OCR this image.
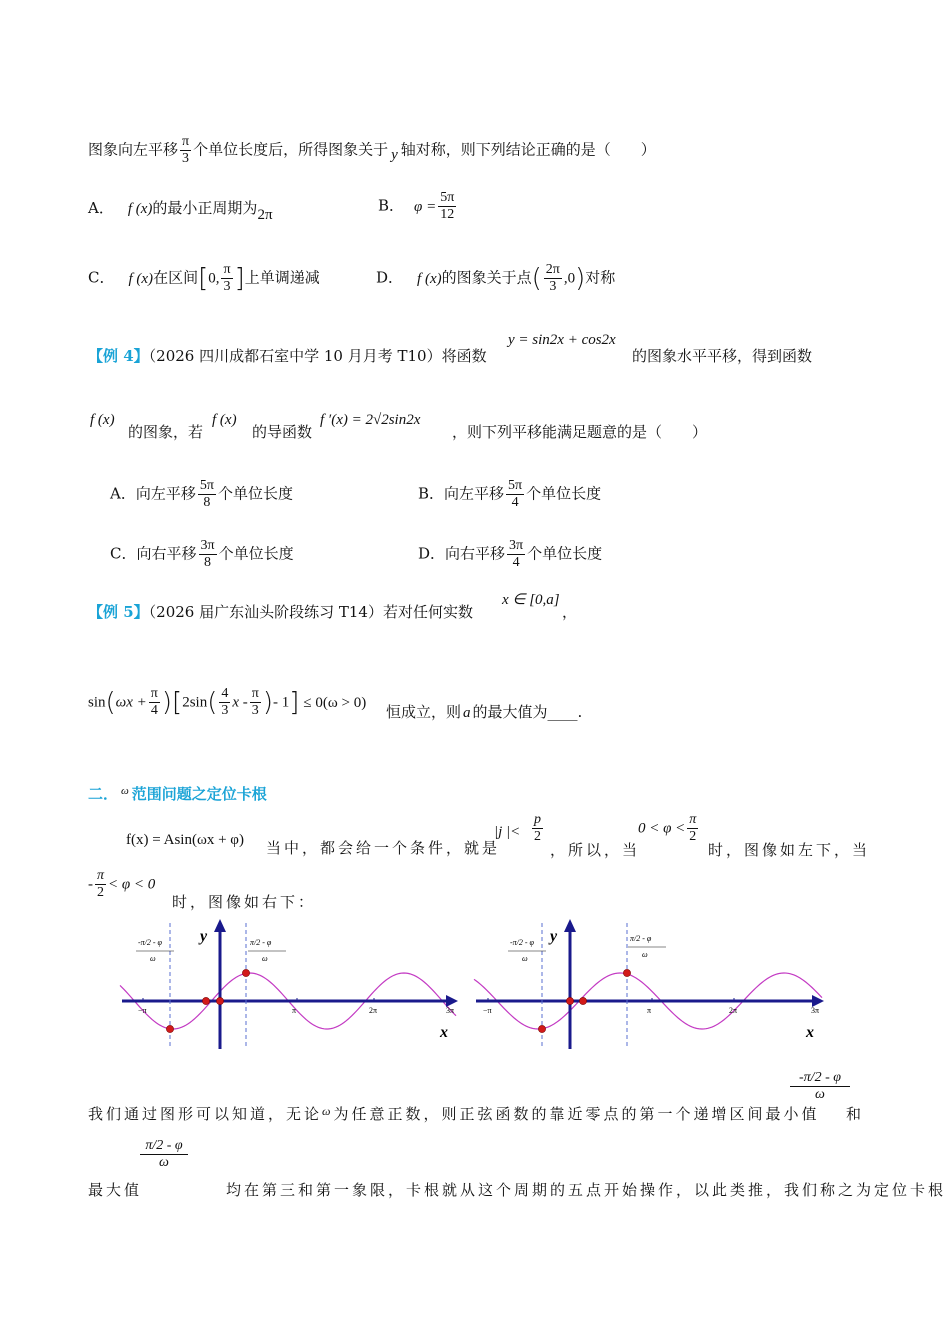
图象向左平移 $\frac{\pi}{3}$ 个单位长度后，所得图象关于 y 轴对称，则下列结论正确的是（　　）
A． f (x)的最小正周期为2π
B． $\varphi = \frac{5\pi}{12}$
C． f (x)在区间[0, $\frac{\pi}{3}$ ]上单调递减	D． f (x)的图象关于点( $\frac{2\pi}{3} ,0$)对称
【例 4】（2026 四川成都石室中学 10 月月考 T10）将函数
y = sin2x + cos2x
的图象水平平移，得到函数
f (x)
的图象，若
f (x)
的导函数
f ′(x) = 2√2sin2x
，则下列平移能满足题意的是（　　）
A．向左平移 $\frac{5\pi}{8}$ 个单位长度	B．向左平移 $\frac{5\pi}{4}$ 个单位长度
C．向右平移 $\frac{3\pi}{8}$ 个单位长度	D．向右平移 $\frac{3\pi}{4}$ 个单位长度
【例 5】（2026 届广东汕头阶段练习 T14）若对任何实数
x ∈ [0,a]
，
$\sin(\omega x + \frac{\pi}{4} )[2\sin( \frac{4}{3}$ x - $\frac{\pi}{3}$ )- 1] ≤ 0(ω > 0)
恒成立，则 a 的最大值为____.
二． $^\omega$ 范围问题之定位卡根
f(x) = Asin(ωx + φ) 当中，都会给一个条件，就是
|j |< $\frac{p}{2}$
，所以，当
$0 < \varphi < \frac{\pi}{2}$
时，图像如左下，当
- $\frac{\pi}{2} < \varphi < 0$
时，图像如右下：
y
x
−π	π	2π	3π
-π/2 - φ
ω
π/2 - φ
ω
y
x
−π	π	2π	3π
-π/2 - φ
ω
π/2 - φ
ω
我们通过图形可以知道，无论$^\omega$为任意正数，则正弦函数的靠近零点的第一个递增区间最小值
$\frac{-\pi/2 - \varphi}{\omega}$
和
$\frac{\pi/2 - \varphi}{\omega}$
最大值	均在第三和第一象限，卡根就从这个周期的五点开始操作，以此类推，我们称之为定位卡根
